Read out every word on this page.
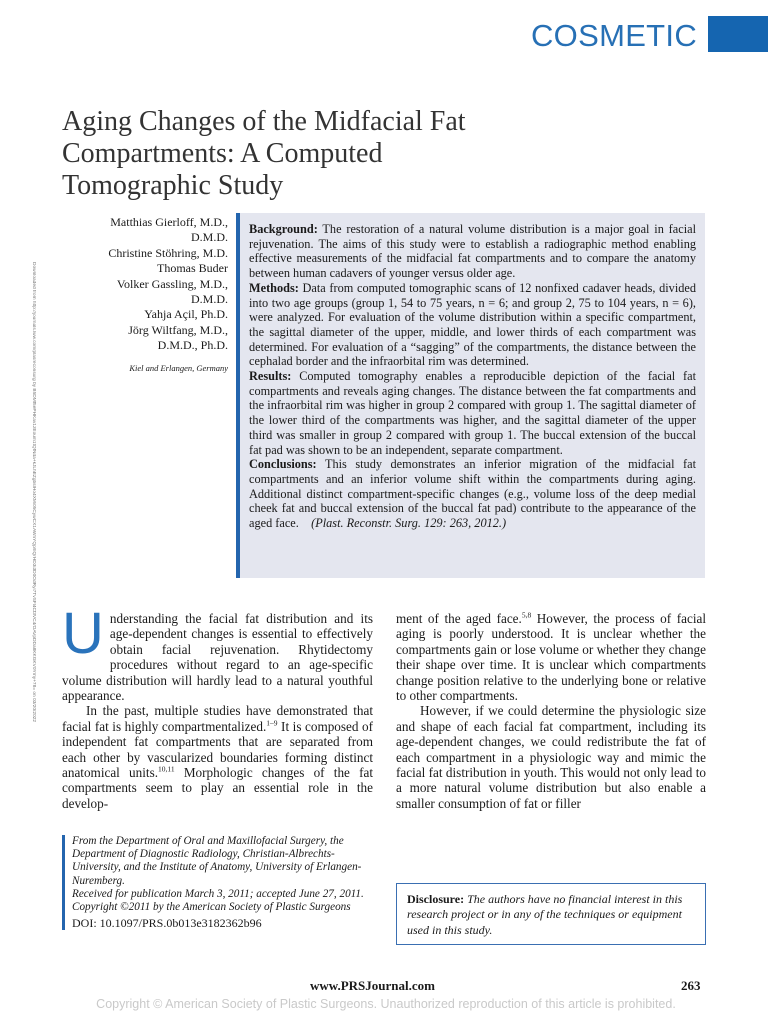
COSMETIC
Aging Changes of the Midfacial Fat
Compartments: A Computed
Tomographic Study
Matthias Gierloff, M.D.,
D.M.D.
Christine Stöhring, M.D.
Thomas Buder
Volker Gassling, M.D.,
D.M.D.
Yahja Açil, Ph.D.
Jörg Wiltfang, M.D.,
D.M.D., Ph.D.
Kiel and Erlangen, Germany
Downloaded from http://journals.lww.com/plasreconsurg by BhDMf5ePHKav1zEoum1tQfN4a+kJLhEZgbsIHo4XMi0hCywCX1AWnYQp/IlQrHD3i3D0OdRyi7TvSFl4Cf3VC4/OAVpDDa8KKGKV0Ymy+78= on 03/20/2022

Background: The restoration of a natural volume distribution is a major goal in facial rejuvenation. The aims of this study were to establish a radiographic method enabling effective measurements of the midfacial fat compartments and to compare the anatomy between human cadavers of younger versus older age.

Methods: Data from computed tomographic scans of 12 nonfixed cadaver heads, divided into two age groups (group 1, 54 to 75 years, n = 6; and group 2, 75 to 104 years, n = 6), were analyzed. For evaluation of the volume distribution within a specific compartment, the sagittal diameter of the upper, middle, and lower thirds of each compartment was determined. For evaluation of a “sagging” of the compartments, the distance between the cephalad border and the infraorbital rim was determined.

Results: Computed tomography enables a reproducible depiction of the facial fat compartments and reveals aging changes. The distance between the fat compartments and the infraorbital rim was higher in group 2 compared with group 1. The sagittal diameter of the lower third of the compartments was higher, and the sagittal diameter of the upper third was smaller in group 2 compared with group 1. The buccal extension of the buccal fat pad was shown to be an independent, separate compartment.

Conclusions: This study demonstrates an inferior migration of the midfacial fat compartments and an inferior volume shift within the compartments during aging. Additional distinct compartment-specific changes (e.g., volume loss of the deep medial cheek fat and buccal extension of the buccal fat pad) contribute to the appearance of the aged face. (Plast. Reconstr. Surg. 129: 263, 2012.)

Understanding the facial fat distribution and its age-dependent changes is essential to effectively obtain facial rejuvenation. Rhytidectomy procedures without regard to an age-specific volume distribution will hardly lead to a natural youthful appearance.

In the past, multiple studies have demonstrated that facial fat is highly compartmentalized.$^{1-9}$ It is composed of independent fat compartments that are separated from each other by vascularized boundaries forming distinct anatomical units.$^{10,11}$ Morphologic changes of the fat compartments seem to play an essential role in the develop-

ment of the aged face.$^{5,8}$ However, the process of facial aging is poorly understood. It is unclear whether the compartments gain or lose volume or whether they change their shape over time. It is unclear which compartments change position relative to the underlying bone or relative to other compartments.

However, if we could determine the physiologic size and shape of each facial fat compartment, including its age-dependent changes, we could redistribute the fat of each compartment in a physiologic way and mimic the facial fat distribution in youth. This would not only lead to a more natural volume distribution but also enable a smaller consumption of fat or filler

From the Department of Oral and Maxillofacial Surgery, the Department of Diagnostic Radiology, Christian-Albrechts-University, and the Institute of Anatomy, University of Erlangen-Nuremberg.
Received for publication March 3, 2011; accepted June 27, 2011.
Copyright ©2011 by the American Society of Plastic Surgeons
DOI: 10.1097/PRS.0b013e3182362b96
Disclosure: The authors have no financial interest in this research project or in any of the techniques or equipment used in this study.
www.PRSJournal.com	263
Copyright © American Society of Plastic Surgeons. Unauthorized reproduction of this article is prohibited.
